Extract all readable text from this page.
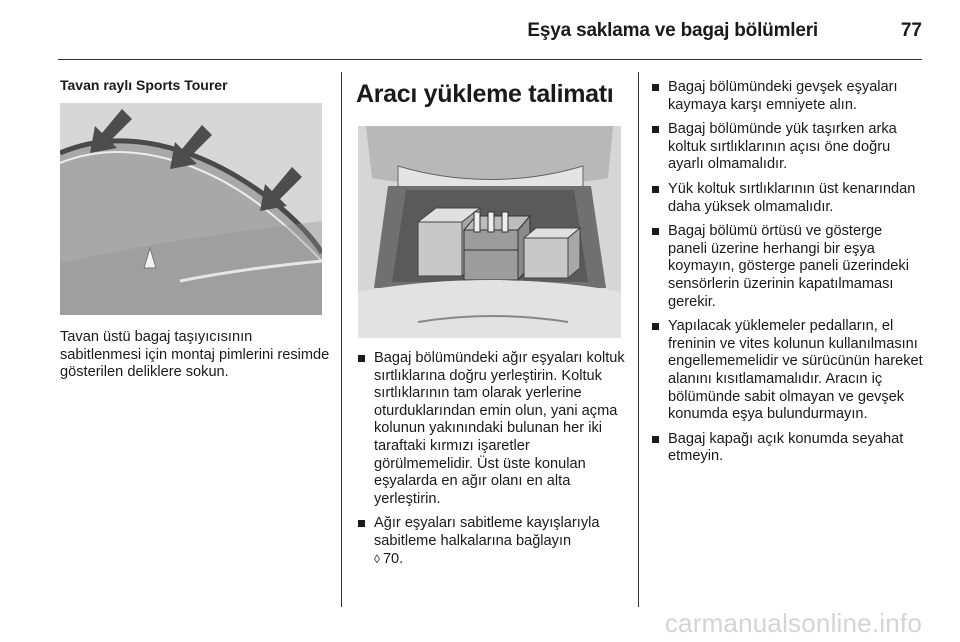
Eşya saklama ve bagaj bölümleri	77
Tavan raylı Sports Tourer
Tavan üstü bagaj taşıyıcısının sabitlenmesi için montaj pimlerini resimde gösterilen deliklere sokun.
Aracı yükleme talimatı
Bagaj bölümündeki ağır eşyaları koltuk sırtlıklarına doğru yerleştirin. Koltuk sırtlıklarının tam olarak yerlerine oturduklarından emin olun, yani açma kolunun yakınındaki bulunan her iki taraftaki kırmızı işaretler görülmemelidir. Üst üste konulan eşyalarda en ağır olanı en alta yerleştirin.
Ağır eşyaları sabitleme kayışlarıyla sabitleme halkalarına bağlayın
◊ 70.
Bagaj bölümündeki gevşek eşyaları kaymaya karşı emniyete alın.
Bagaj bölümünde yük taşırken arka koltuk sırtlıklarının açısı öne doğru ayarlı olmamalıdır.
Yük koltuk sırtlıklarının üst kenarından daha yüksek olmamalıdır.
Bagaj bölümü örtüsü ve gösterge paneli üzerine herhangi bir eşya koymayın, gösterge paneli üzerindeki sensörlerin üzerinin kapatılmaması gerekir.
Yapılacak yüklemeler pedalların, el freninin ve vites kolunun kullanılmasını engellememelidir ve sürücünün hareket alanını kısıtlamamalıdır. Aracın iç bölümünde sabit olmayan ve gevşek konumda eşya bulundurmayın.
Bagaj kapağı açık konumda seyahat etmeyin.
carmanualsonline.info
